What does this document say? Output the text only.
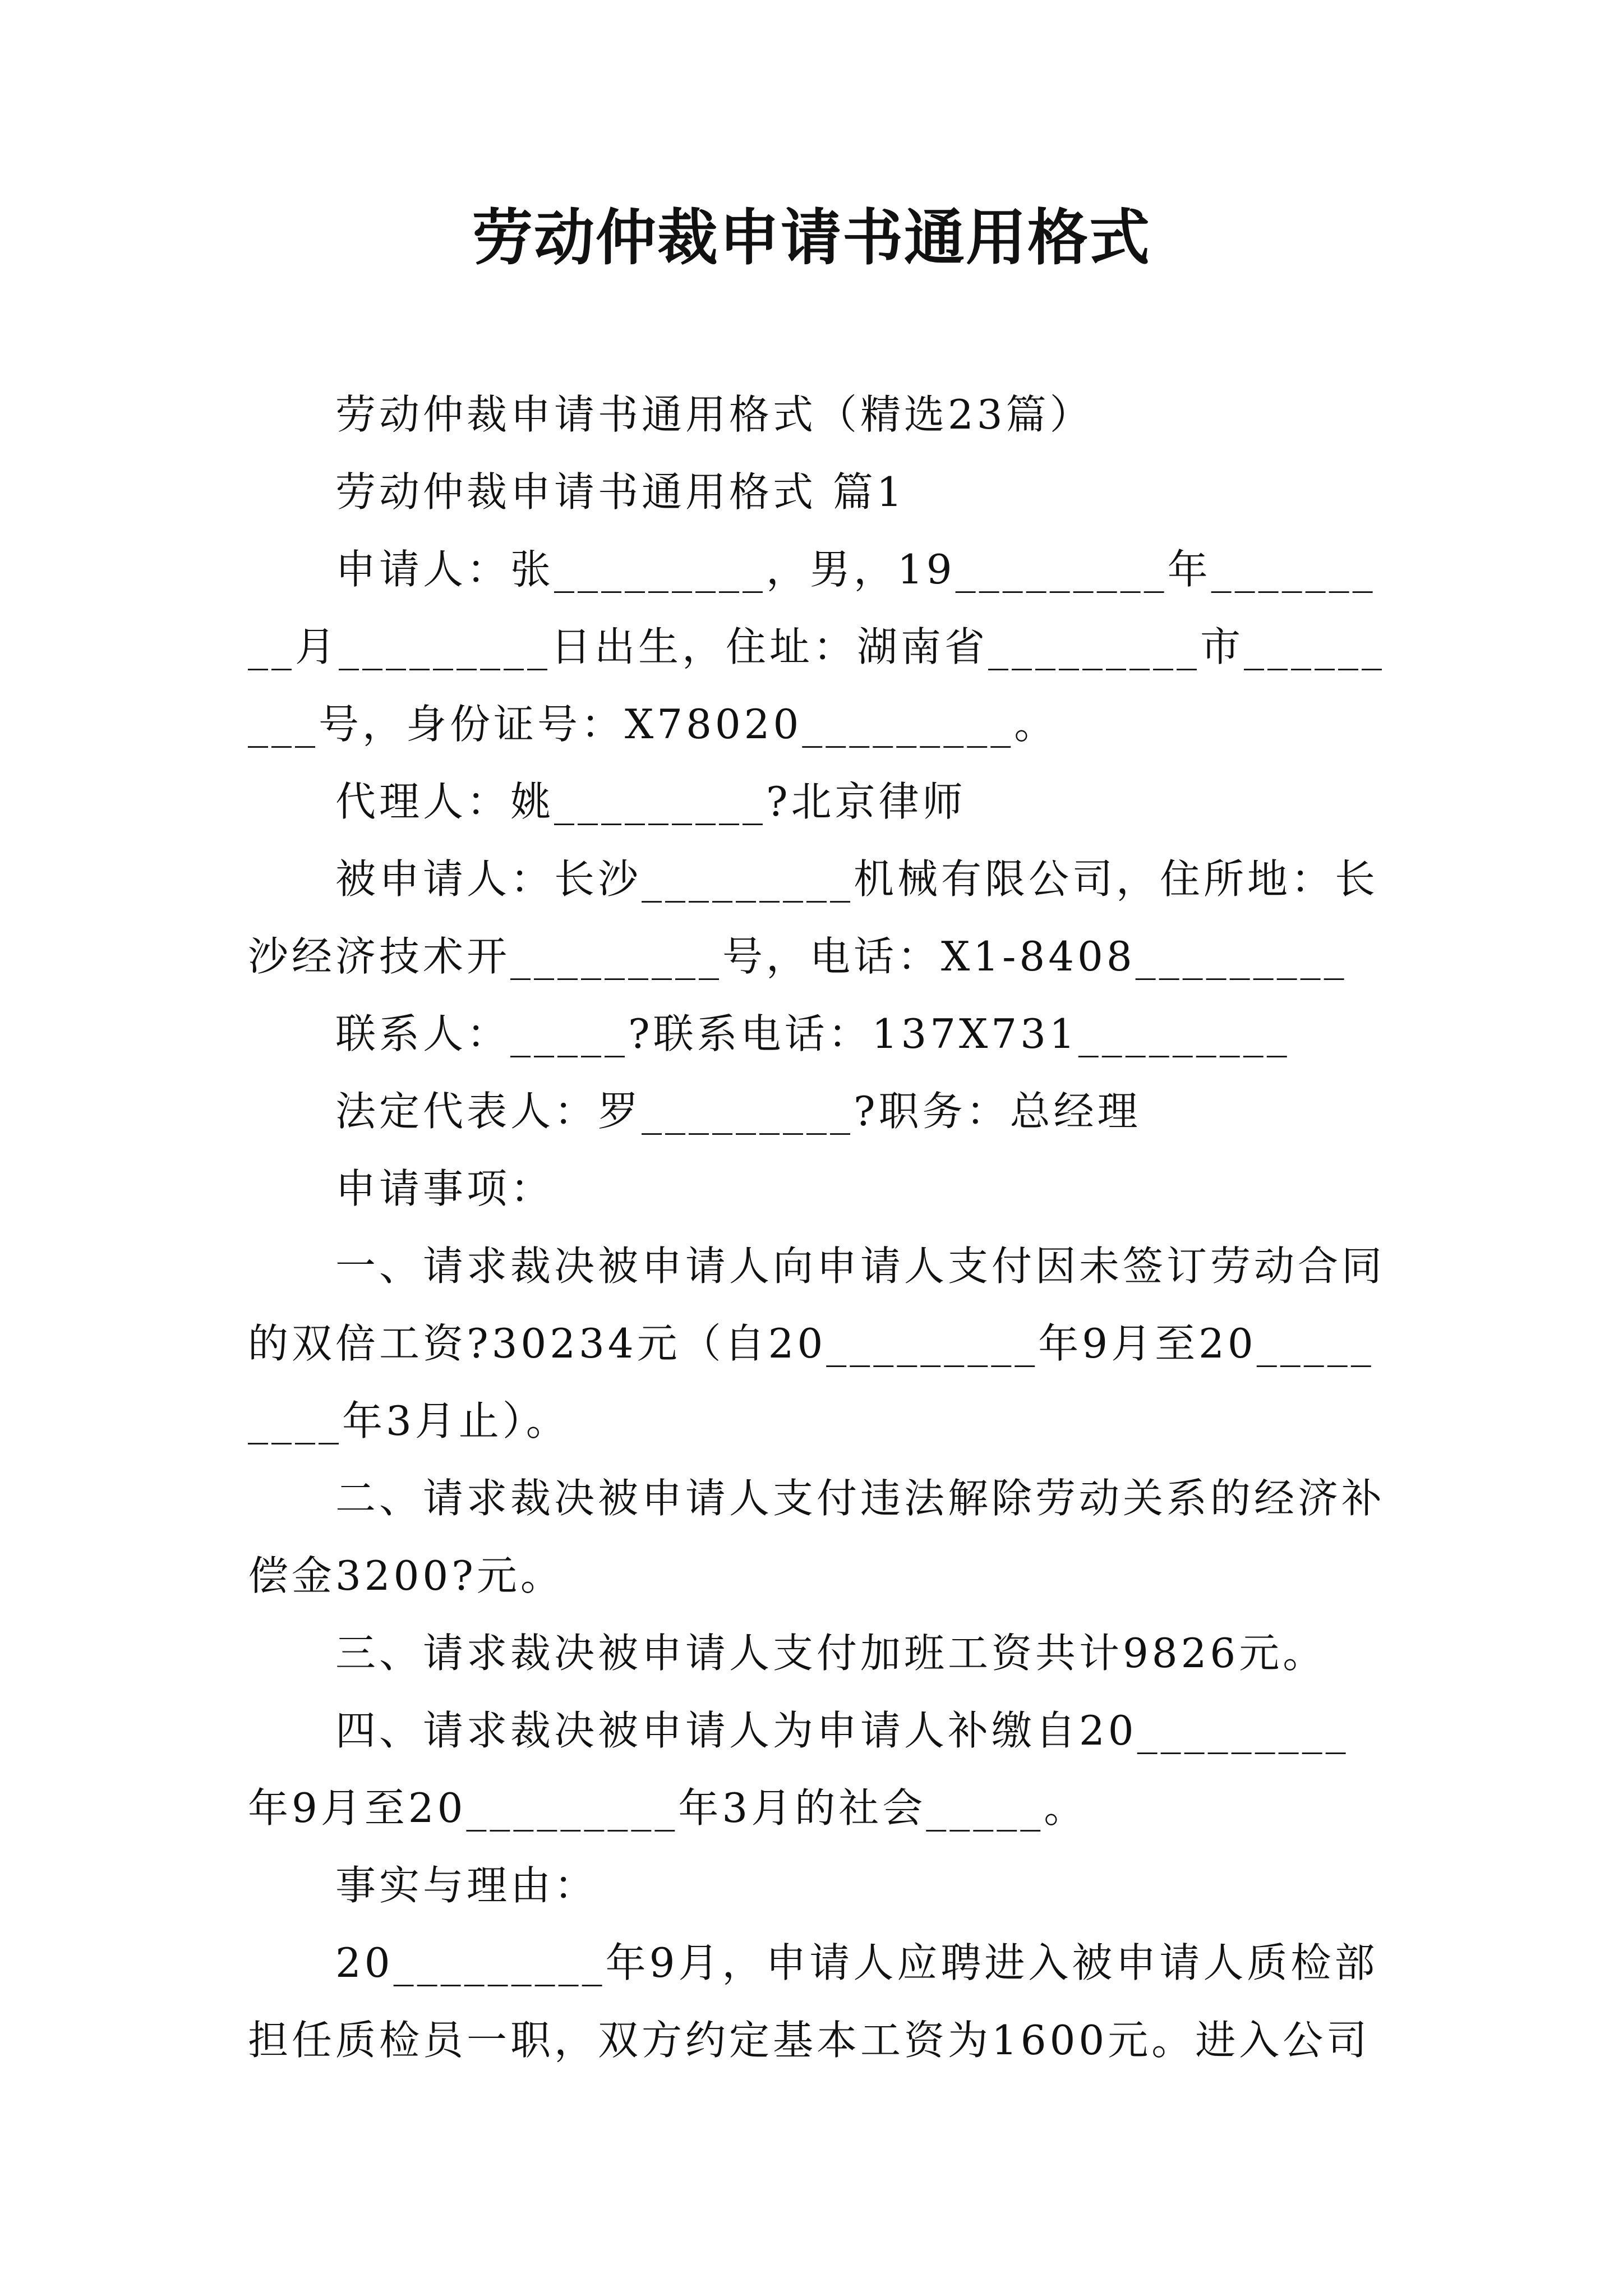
劳动仲裁申请书通用格式

劳动仲裁申请书通用格式（精选23篇）

劳动仲裁申请书通用格式 篇1

申请人：张_________，男，19_________年_________月_________日出生，住址：湖南省_________市_________号，身份证号：X78020_________。

代理人：姚_________?北京律师

被申请人：长沙_________机械有限公司，住所地：长沙经济技术开_________号，电话：X1-8408_________

联系人：_____?联系电话：137X731_________

法定代表人：罗_________?职务：总经理

申请事项：

一、请求裁决被申请人向申请人支付因未签订劳动合同的双倍工资?30234元（自20_________年9月至20_________年3月止）。

二、请求裁决被申请人支付违法解除劳动关系的经济补偿金3200?元。

三、请求裁决被申请人支付加班工资共计9826元。

四、请求裁决被申请人为申请人补缴自20_________年9月至20_________年3月的社会_____。

事实与理由：

20_________年9月，申请人应聘进入被申请人质检部担任质检员一职，双方约定基本工资为1600元。进入公司
